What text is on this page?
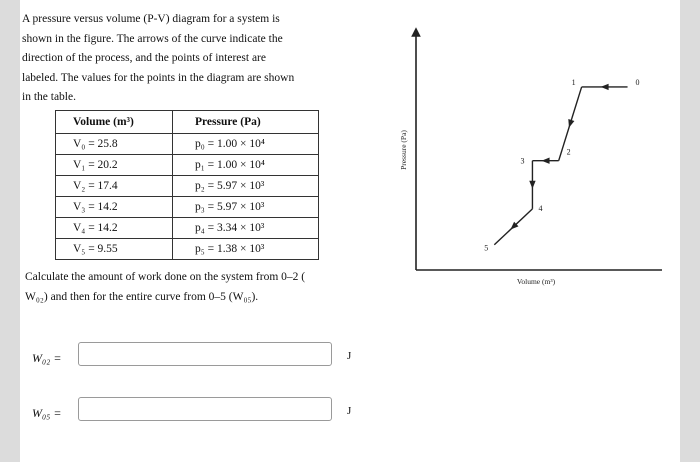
A pressure versus volume (P-V) diagram for a system is
shown in the figure. The arrows of the curve indicate the
direction of the process, and the points of interest are
labeled. The values for the points in the diagram are shown
in the table.
Volume (m³)	Pressure (Pa)
V₀ = 25.8	p₀ = 1.00 × 10⁴
V₁ = 20.2	p₁ = 1.00 × 10⁴
V₂ = 17.4	p₂ = 5.97 × 10³
V₃ = 14.2	p₃ = 5.97 × 10³
V₄ = 14.2	p₄ = 3.34 × 10³
V₅ = 9.55	p₅ = 1.38 × 10³
Calculate the amount of work done on the system from 0–2 (
W₀₂) and then for the entire curve from 0–5 (W₀₅).
W₀₂ =	J
W₀₅ =	J
Pressure (Pa)
Volume (m³)
0
1
2
3
4
5
